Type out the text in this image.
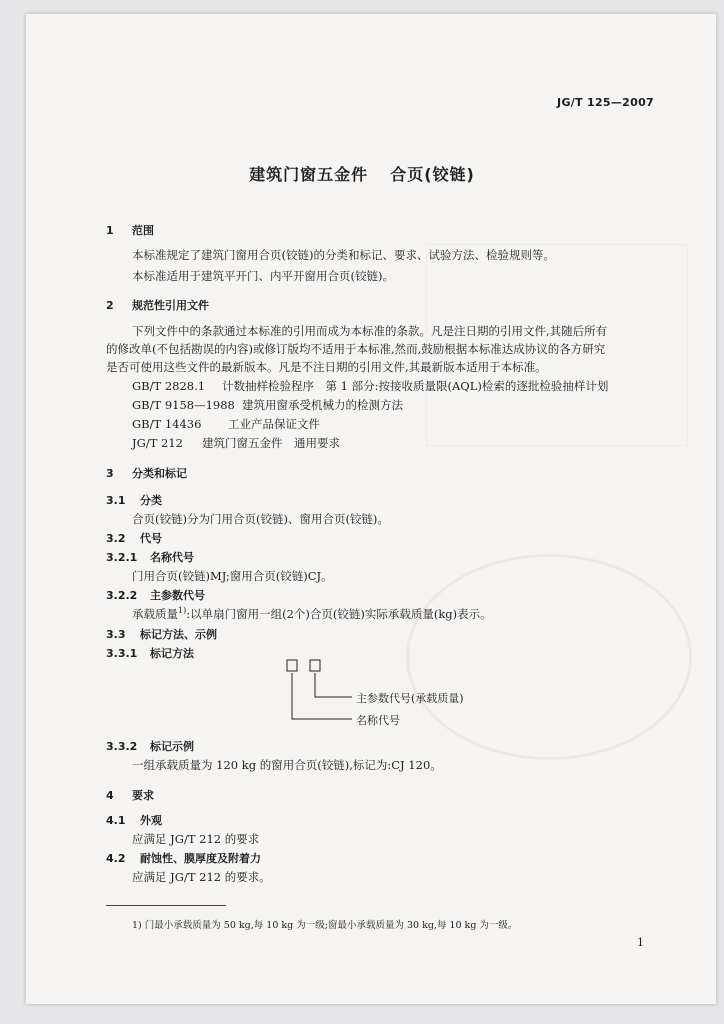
JG/T 125—2007
建筑门窗五金件 合页(铰链)
1 范围
本标准规定了建筑门窗用合页(铰链)的分类和标记、要求、试验方法、检验规则等。
本标准适用于建筑平开门、内平开窗用合页(铰链)。
2 规范性引用文件
下列文件中的条款通过本标准的引用而成为本标准的条款。凡是注日期的引用文件,其随后所有
的修改单(不包括勘误的内容)或修订版均不适用于本标准,然而,鼓励根据本标准达成协议的各方研究
是否可使用这些文件的最新版本。凡是不注日期的引用文件,其最新版本适用于本标准。
GB/T 2828.1 计数抽样检验程序　第 1 部分:按接收质量限(AQL)检索的逐批检验抽样计划
GB/T 9158—1988 建筑用窗承受机械力的检测方法
GB/T 14436 工业产品保证文件
JG/T 212 建筑门窗五金件　通用要求
3 分类和标记
3.1 分类
合页(铰链)分为门用合页(铰链)、窗用合页(铰链)。
3.2 代号
3.2.1 名称代号
门用合页(铰链)MJ;窗用合页(铰链)CJ。
3.2.2 主参数代号
承载质量$^{1)}$:以单扇门窗用一组(2个)合页(铰链)实际承载质量(kg)表示。
3.3 标记方法、示例
3.3.1 标记方法
主参数代号(承载质量)
名称代号
3.3.2 标记示例
一组承载质量为 120 kg 的窗用合页(铰链),标记为:CJ 120。
4 要求
4.1 外观
应满足 JG/T 212 的要求
4.2 耐蚀性、膜厚度及附着力
应满足 JG/T 212 的要求。
1) 门最小承载质量为 50 kg,每 10 kg 为一级;窗最小承载质量为 30 kg,每 10 kg 为一级。
1
